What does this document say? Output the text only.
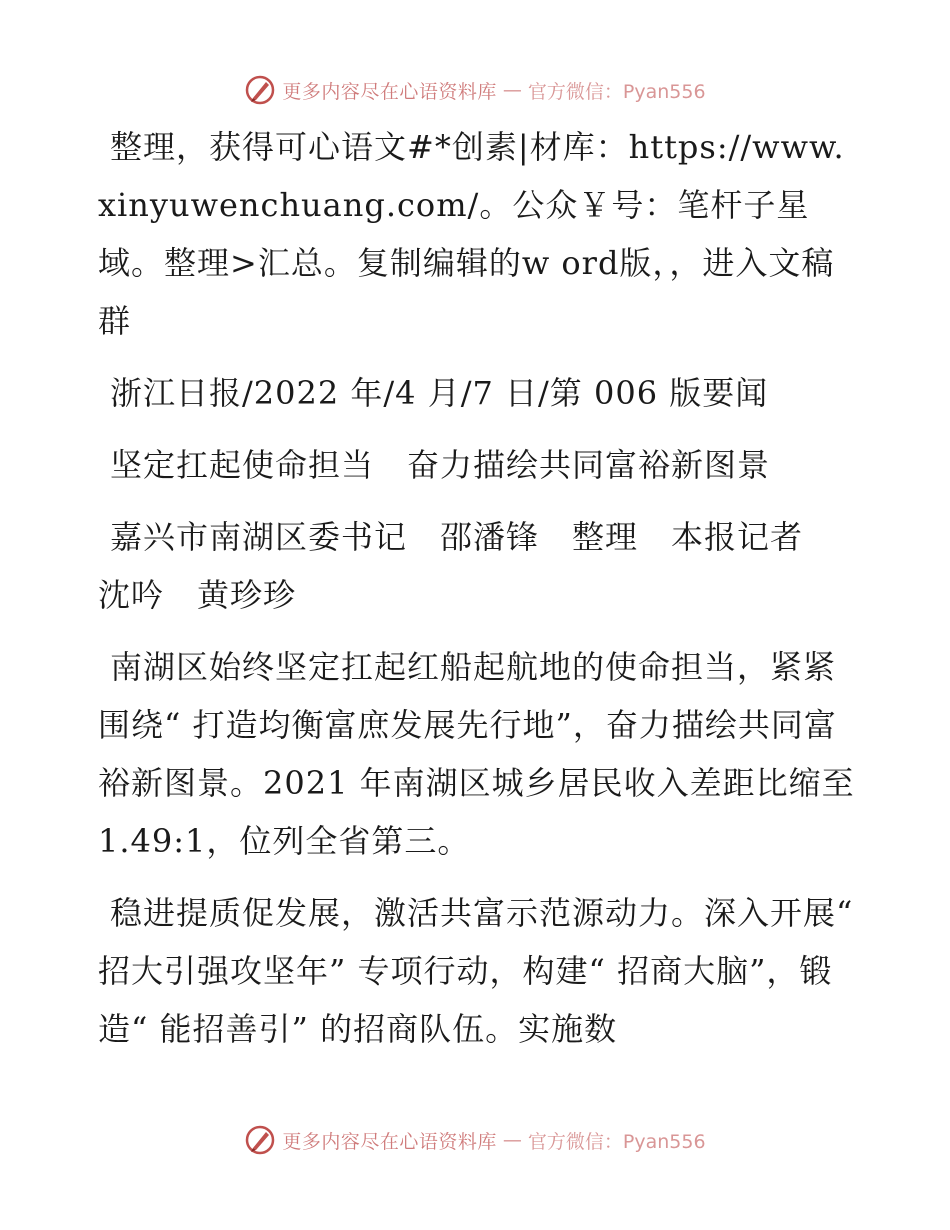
更多内容尽在心语资料库 — 官方微信：Pyan556

整理，获得可心语文#*创素|材库：https://www.xinyuwenchuang.com/。公众￥号：笔杆子星域。整理>汇总。复制编辑的w ord版，，进入文稿群

浙江日报/2022 年/4 月/7 日/第 006 版要闻

坚定扛起使命担当　奋力描绘共同富裕新图景

嘉兴市南湖区委书记　邵潘锋　整理　本报记者　沈吟　黄珍珍

南湖区始终坚定扛起红船起航地的使命担当，紧紧围绕“ 打造均衡富庶发展先行地”，奋力描绘共同富裕新图景。2021 年南湖区城乡居民收入差距比缩至 1.49:1，位列全省第三。

稳进提质促发展，激活共富示范源动力。深入开展“ 招大引强攻坚年” 专项行动，构建“ 招商大脑”，锻造“ 能招善引” 的招商队伍。实施数

更多内容尽在心语资料库 — 官方微信：Pyan556
